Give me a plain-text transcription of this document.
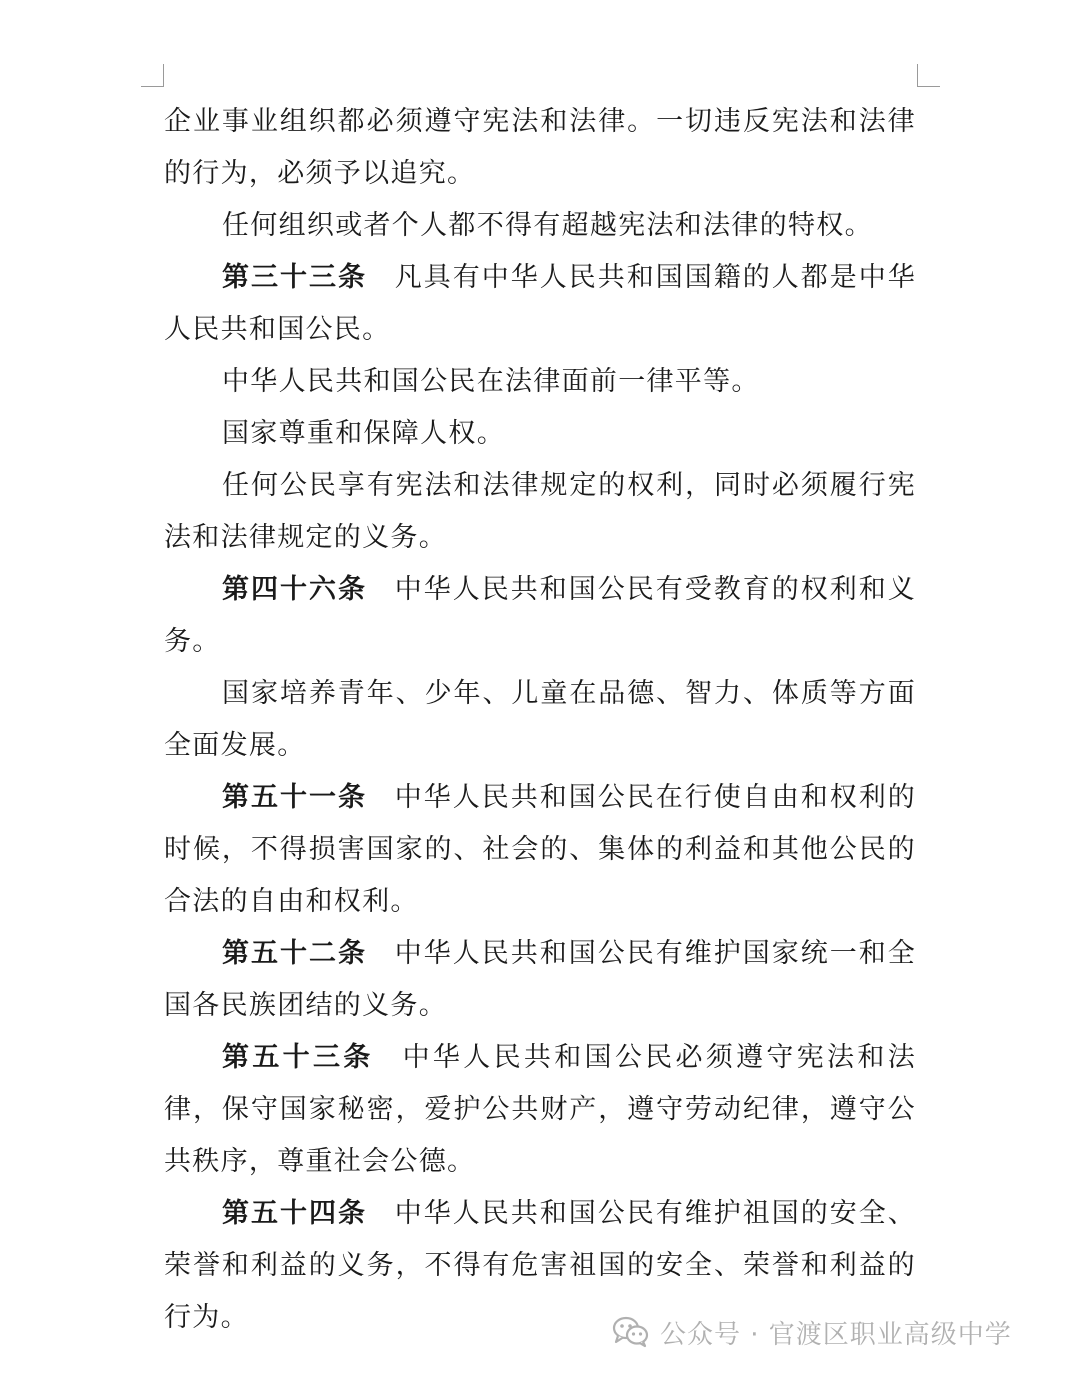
企业事业组织都必须遵守宪法和法律。一切违反宪法和法律的行为，必须予以追究。

任何组织或者个人都不得有超越宪法和法律的特权。

第三十三条 凡具有中华人民共和国国籍的人都是中华人民共和国公民。

中华人民共和国公民在法律面前一律平等。

国家尊重和保障人权。

任何公民享有宪法和法律规定的权利，同时必须履行宪法和法律规定的义务。

第四十六条 中华人民共和国公民有受教育的权利和义务。

国家培养青年、少年、儿童在品德、智力、体质等方面全面发展。

第五十一条 中华人民共和国公民在行使自由和权利的时候，不得损害国家的、社会的、集体的利益和其他公民的合法的自由和权利。

第五十二条 中华人民共和国公民有维护国家统一和全国各民族团结的义务。

第五十三条 中华人民共和国公民必须遵守宪法和法律，保守国家秘密，爱护公共财产，遵守劳动纪律，遵守公共秩序，尊重社会公德。

第五十四条 中华人民共和国公民有维护祖国的安全、荣誉和利益的义务，不得有危害祖国的安全、荣誉和利益的行为。

公众号 · 官渡区职业高级中学
